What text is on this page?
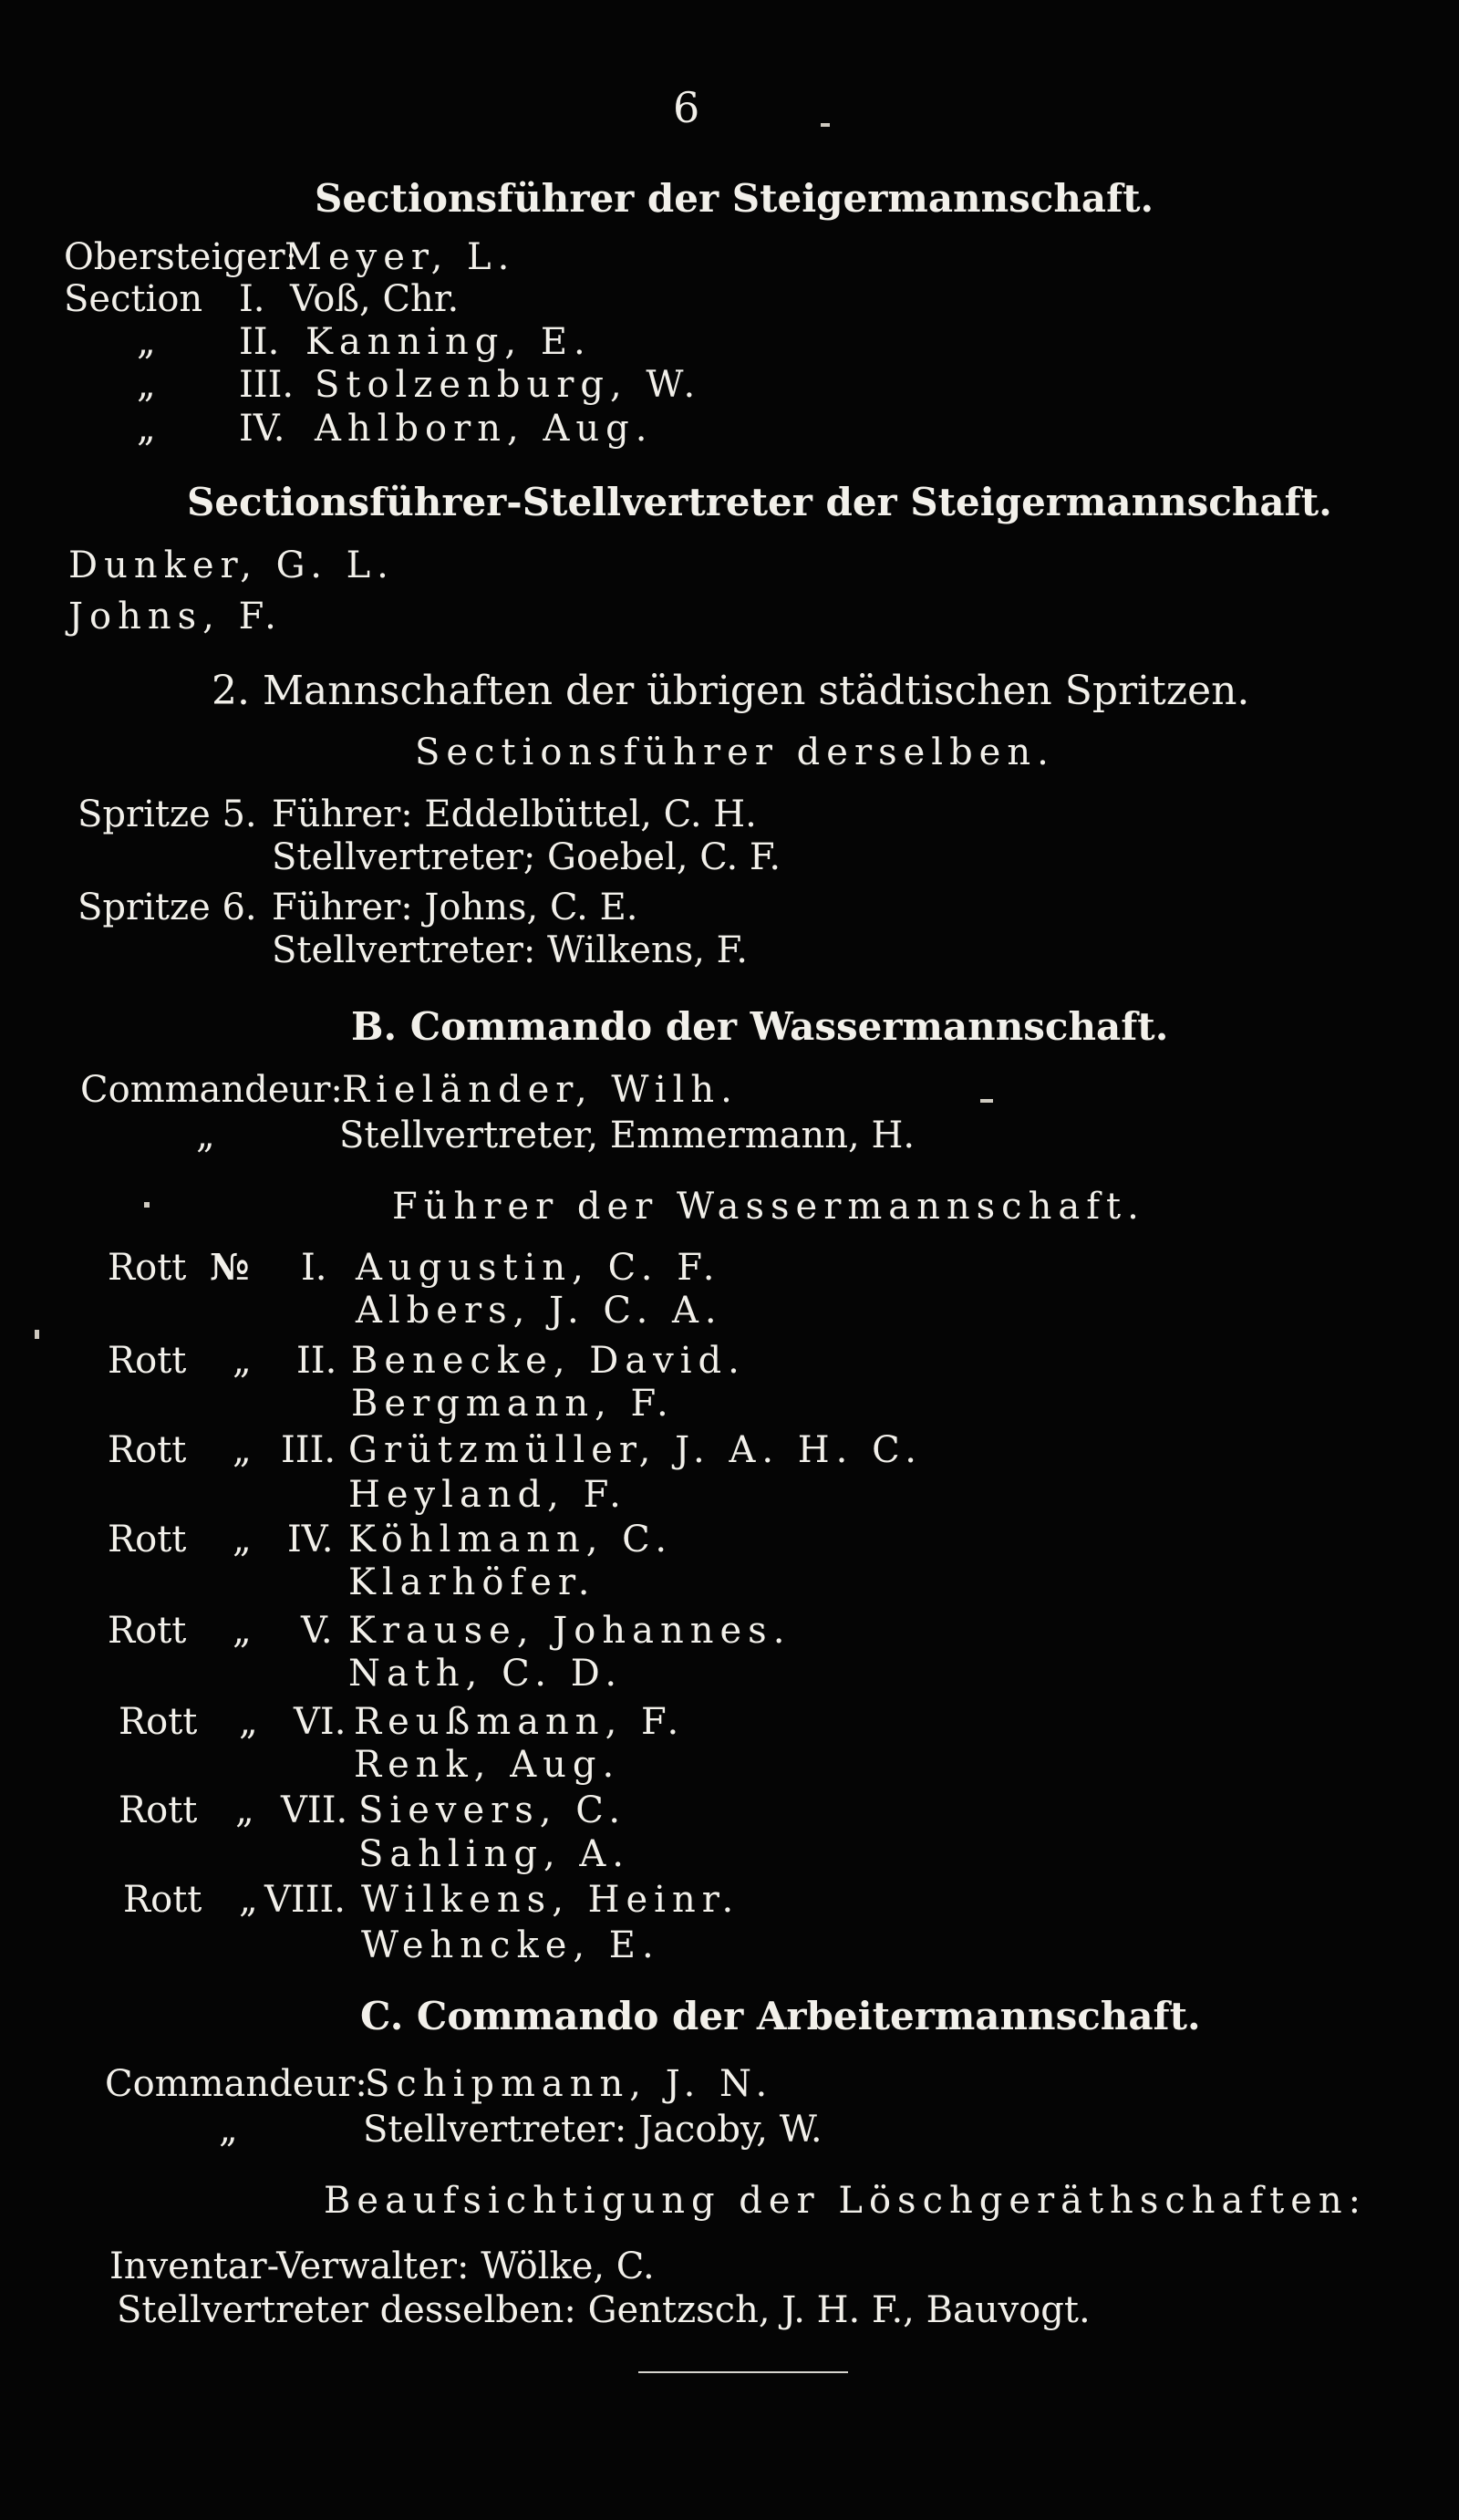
6
Sectionsführer der Steigermannschaft.
Obersteiger:
Meyer, L.
Section I. Voß, Chr.
„ II. Kanning, E.
„ III. Stolzenburg, W.
„ IV. Ahlborn, Aug.
Sectionsführer-Stellvertreter der Steigermannschaft.
Dunker, G. L.
Johns, F.
2. Mannschaften der übrigen städtischen Spritzen.
Sectionsführer derselben.
Spritze 5. Führer: Eddelbüttel, C. H.
Stellvertreter; Goebel, C. F.
Spritze 6. Führer: Johns, C. E.
Stellvertreter: Wilkens, F.
B. Commando der Wassermannschaft.
Commandeur: Rieländer, Wilh.
„	Stellvertreter, Emmermann, H.
Führer der Wassermannschaft.
Rott № I. Augustin, C. F.
Albers, J. C. A.
Rott „ II. Benecke, David.
Bergmann, F.
Rott „ III. Grützmüller, J. A. H. C.
Heyland, F.
Rott „ IV. Köhlmann, C.
Klarhöfer.
Rott „ V. Krause, Johannes.
Nath, C. D.
Rott „ VI. Reußmann, F.
Renk, Aug.
Rott „ VII. Sievers, C.
Sahling, A.
Rott „ VIII. Wilkens, Heinr.
Wehncke, E.
C. Commando der Arbeitermannschaft.
Commandeur:
Schipmann, J. N.
„	Stellvertreter: Jacoby, W.
Beaufsichtigung der Löschgeräthschaften:
Inventar-Verwalter: Wölke, C.
Stellvertreter desselben: Gentzsch, J. H. F., Bauvogt.
